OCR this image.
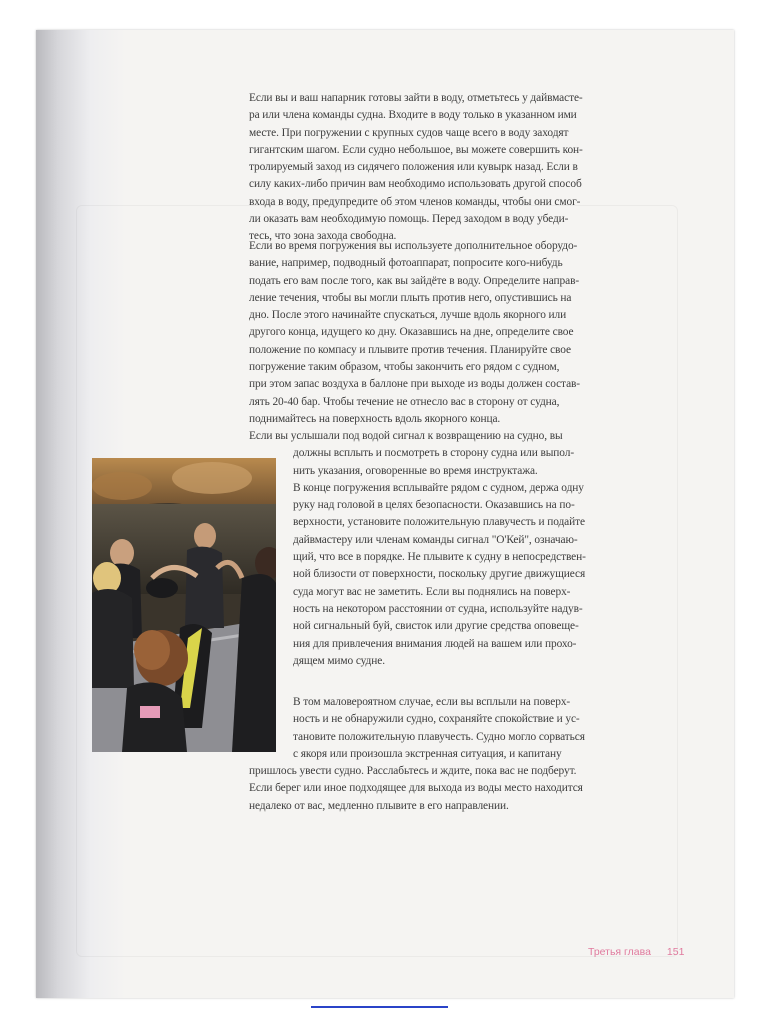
Если вы и ваш напарник готовы зайти в воду, отметьтесь у дайвмасте-
ра или члена команды судна. Входите в воду только в указанном ими
месте. При погружении с крупных судов чаще всего в воду заходят
гигантским шагом. Если судно небольшое, вы можете совершить кон-
тролируемый заход из сидячего положения или кувырк назад. Если в
силу каких-либо причин вам необходимо использовать другой способ
входа в воду, предупредите об этом членов команды, чтобы они смог-
ли оказать вам необходимую помощь. Перед заходом в воду убеди-
тесь, что зона захода свободна.
Если во время погружения вы используете дополнительное оборудо-
вание, например, подводный фотоаппарат, попросите кого-нибудь
подать его вам после того, как вы зайдёте в воду. Определите направ-
ление течения, чтобы вы могли плыть против него, опустившись на
дно. После этого начинайте спускаться, лучше вдоль якорного или
другого конца, идущего ко дну. Оказавшись на дне, определите свое
положение по компасу и плывите против течения. Планируйте свое
погружение таким образом, чтобы закончить его рядом с судном,
при этом запас воздуха в баллоне при выходе из воды должен состав-
лять 20-40 бар. Чтобы течение не отнесло вас в сторону от судна,
поднимайтесь на поверхность вдоль якорного конца.
Если вы услышали под водой сигнал к возвращению на судно, вы
должны всплыть и посмотреть в сторону судна или выпол-
нить указания, оговоренные во время инструктажа.
В конце погружения всплывайте рядом с судном, держа одну
руку над головой в целях безопасности. Оказавшись на по-
верхности, установите положительную плавучесть и подайте
дайвмастеру или членам команды сигнал "О'Кей", означаю-
щий, что все в порядке. Не плывите к судну в непосредствен-
ной близости от поверхности, поскольку другие движущиеся
суда могут вас не заметить. Если вы поднялись на поверх-
ность на некотором расстоянии от судна, используйте надув-
ной сигнальный буй, свисток или другие средства оповеще-
ния для привлечения внимания людей на вашем или прохо-
дящем мимо судне.
В том маловероятном случае, если вы всплыли на поверх-
ность и не обнаружили судно, сохраняйте спокойствие и ус-
тановите положительную плавучесть. Судно могло сорваться
с якоря или произошла экстренная ситуация, и капитану
пришлось увести судно. Расслабьтесь и ждите, пока вас не подберут.
Если берег или иное подходящее для выхода из воды место находится
недалеко от вас, медленно плывите в его направлении.
Третья глава 151
